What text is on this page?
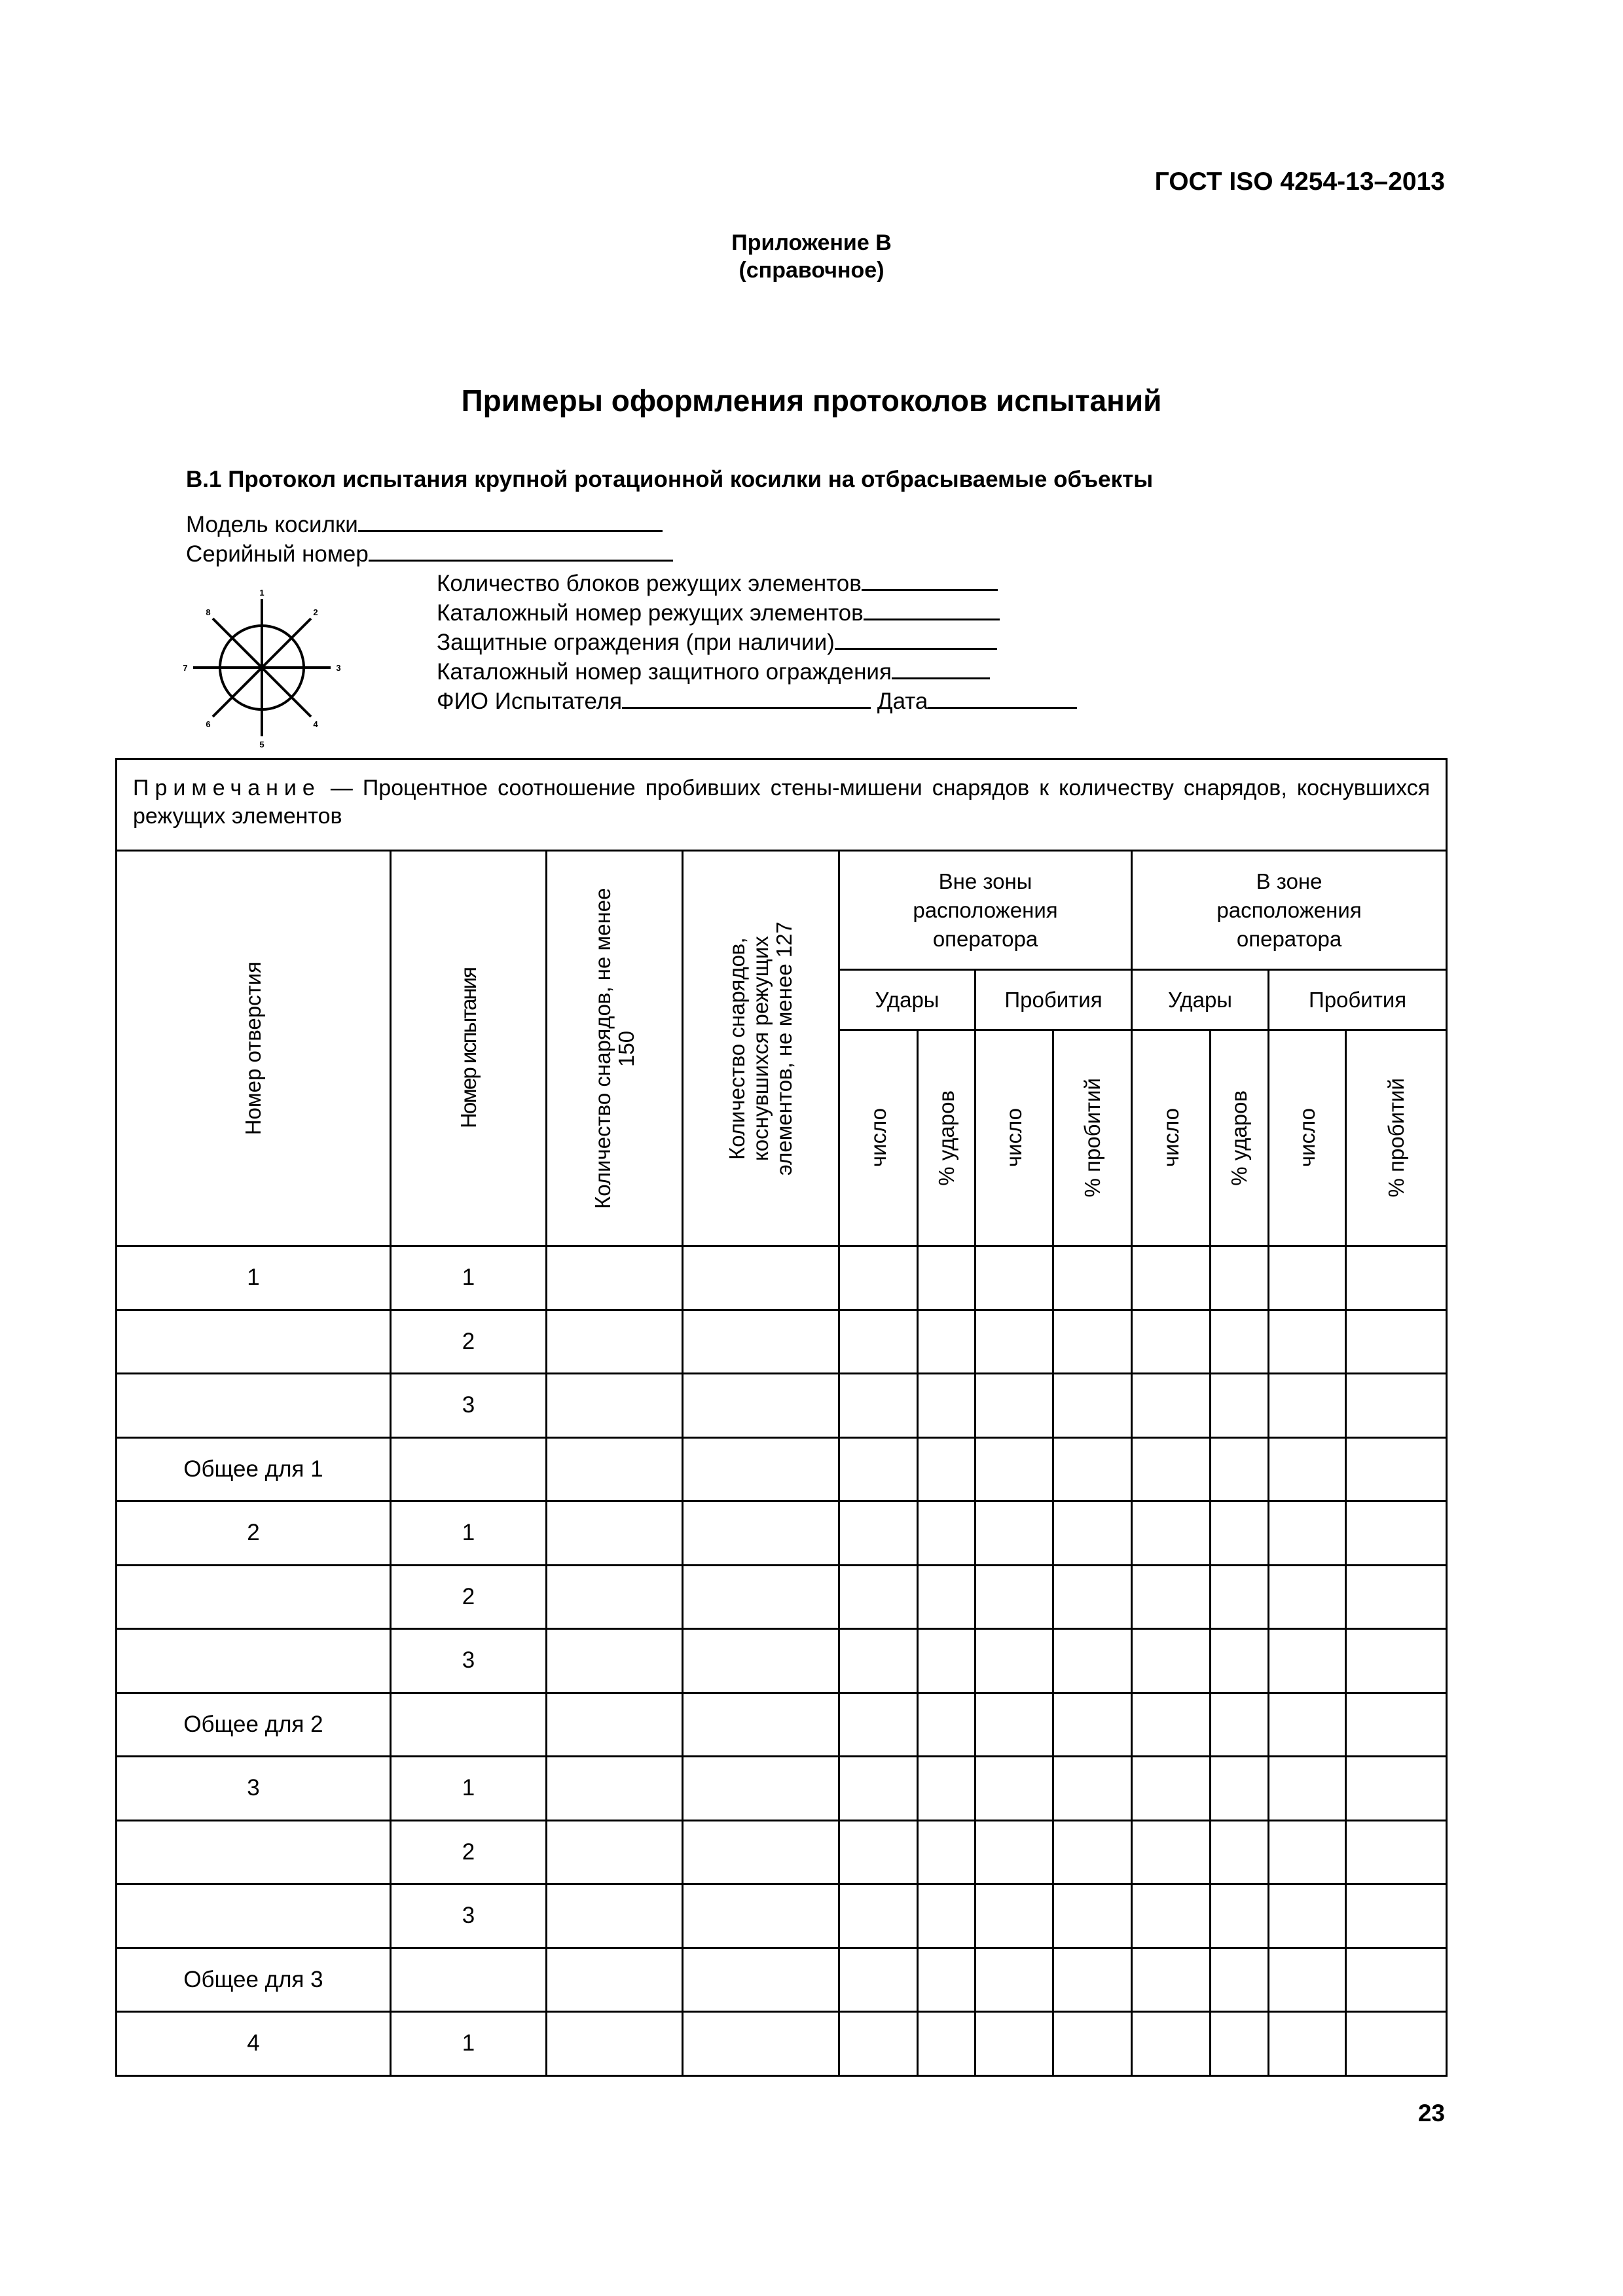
ГОСТ ISO 4254-13–2013
Приложение В
(справочное)
Примеры оформления протоколов испытаний
В.1 Протокол испытания крупной ротационной косилки на отбрасываемые объекты
Модель косилки
Серийный номер
Количество блоков режущих элементов
Каталожный номер режущих элементов
Защитные ограждения (при наличии)
Каталожный номер защитного ограждения
ФИО Испытателя	Дата
1
2
3
4
5
6
7
8
Примечание — Процентное соотношение пробивших стены-мишени снарядов к количеству снарядов, коснувшихся режущих элементов											

Номер отверстия	Номер испытания	Количество снарядов, не менее 150	Количество снарядов, коснувшихся режущих элементов, не менее 127	Вне зоны расположения оператора				В зоне расположения оператора			

				Удары		Пробития		Удары		Пробития	

				число	% ударов	число	% пробитий	число	% ударов	число	% пробитий

1	1										
	2										
	3										
Общее для 1											
2	1										
	2										
	3										
Общее для 2											
3	1										
	2										
	3										
Общее для 3											
4	1										
23
